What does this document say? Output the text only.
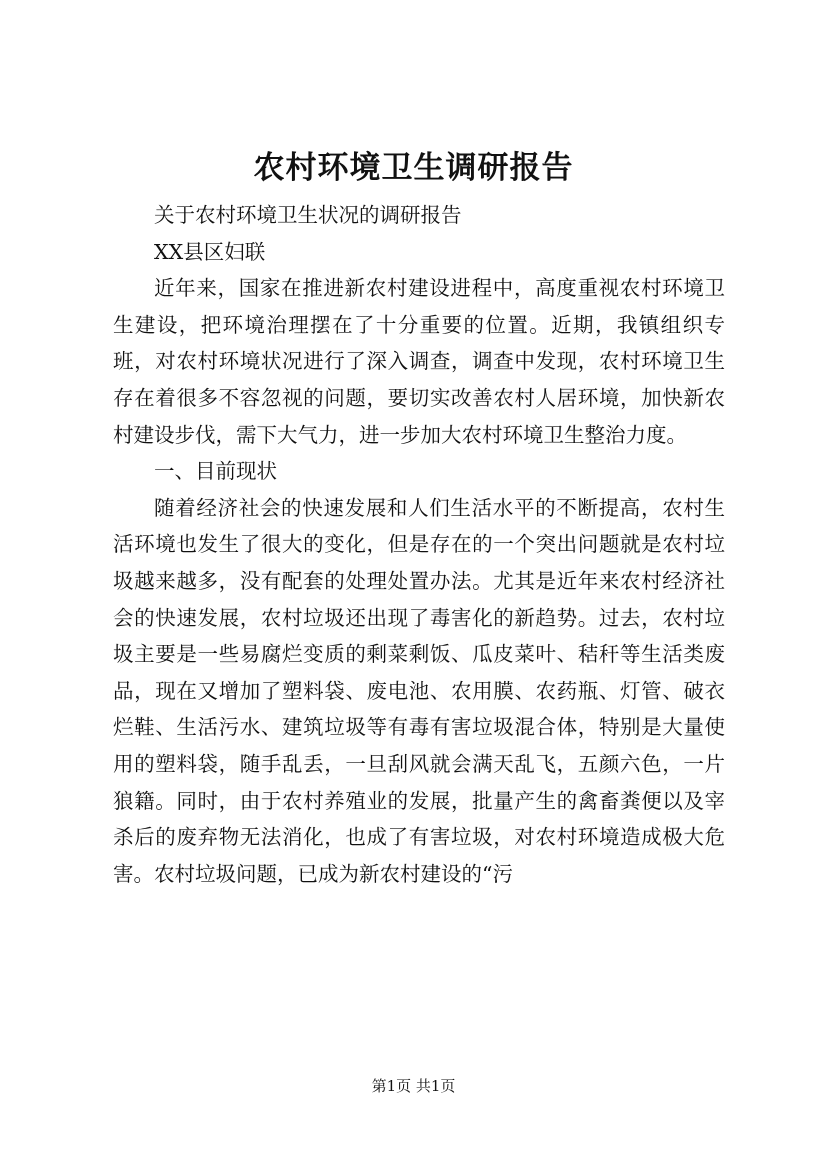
农村环境卫生调研报告

关于农村环境卫生状况的调研报告

XX县区妇联

近年来，国家在推进新农村建设进程中，高度重视农村环境卫生建设，把环境治理摆在了十分重要的位置。近期，我镇组织专班，对农村环境状况进行了深入调查，调查中发现，农村环境卫生存在着很多不容忽视的问题，要切实改善农村人居环境，加快新农村建设步伐，需下大气力，进一步加大农村环境卫生整治力度。

一、目前现状

随着经济社会的快速发展和人们生活水平的不断提高，农村生活环境也发生了很大的变化，但是存在的一个突出问题就是农村垃圾越来越多，没有配套的处理处置办法。尤其是近年来农村经济社会的快速发展，农村垃圾还出现了毒害化的新趋势。过去，农村垃圾主要是一些易腐烂变质的剩菜剩饭、瓜皮菜叶、秸秆等生活类废品，现在又增加了塑料袋、废电池、农用膜、农药瓶、灯管、破衣烂鞋、生活污水、建筑垃圾等有毒有害垃圾混合体，特别是大量使用的塑料袋，随手乱丢，一旦刮风就会满天乱飞，五颜六色，一片狼籍。同时，由于农村养殖业的发展，批量产生的禽畜粪便以及宰杀后的废弃物无法消化，也成了有害垃圾，对农村环境造成极大危害。农村垃圾问题，已成为新农村建设的“污

第1页 共1页
